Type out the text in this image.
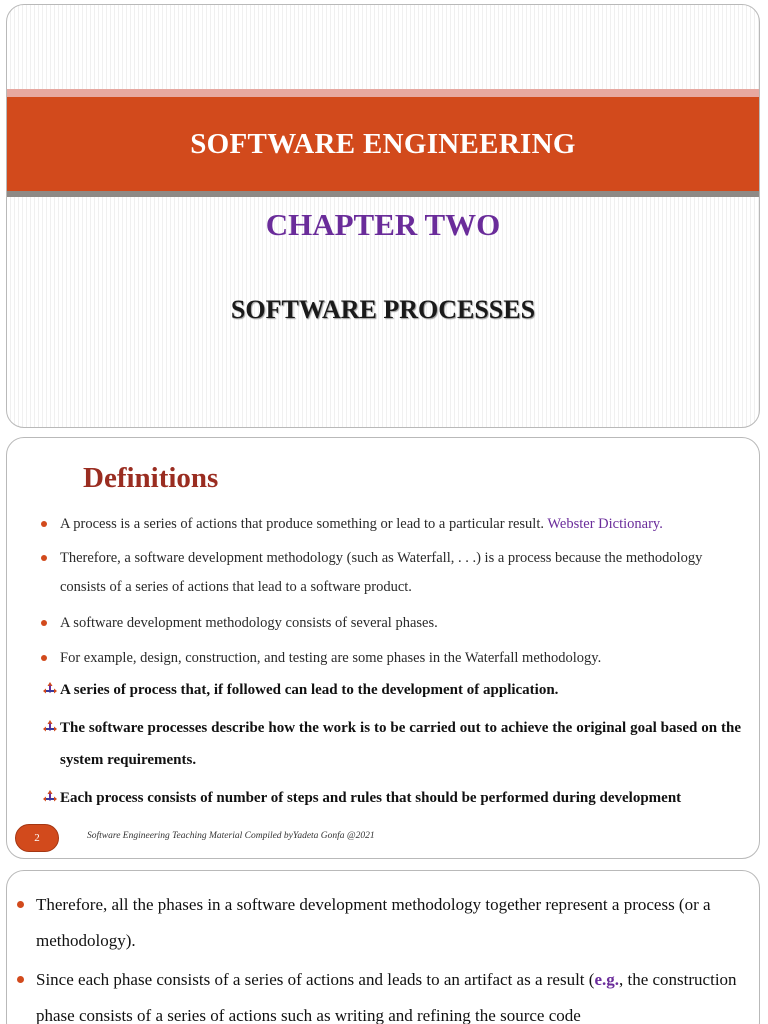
SOFTWARE ENGINEERING
CHAPTER TWO
SOFTWARE PROCESSES
Definitions
A process is a series of actions that produce something or lead to a particular result. Webster Dictionary.
Therefore, a software development methodology (such as Waterfall, . . .) is a process because the methodology consists of a series of actions that lead to a software product.
A software development methodology consists of several phases.
For example, design, construction, and testing are some phases in the Waterfall methodology.
A series of process that, if followed can lead to the development of application.
The software processes describe how the work is to be carried out to achieve the original goal based on the system requirements.
Each process consists of number of steps and rules that should be performed during development
2	Software Engineering Teaching Material Compiled byYadeta Gonfa @2021
Therefore, all the phases in a software development methodology together represent a process (or a methodology).
Since each phase consists of a series of actions and leads to an artifact as a result (e.g., the construction phase consists of a series of actions such as writing and refining the source code
